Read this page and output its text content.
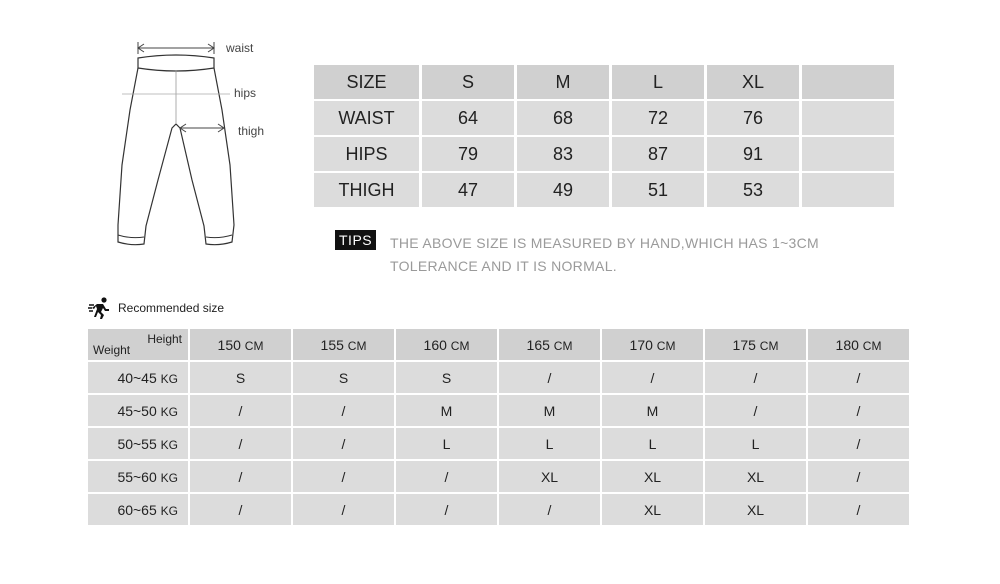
waist
hips
thigh
SIZE	S	M	L	XL	
WAIST	64	68	72	76	
HIPS	79	83	87	91	
THIGH	47	49	51	53	
TIPS THE ABOVE SIZE IS MEASURED BY HAND,WHICH HAS 1~3CM
TOLERANCE AND IT IS NORMAL.
Recommended size
Height
Weight	150 CM	155 CM	160 CM	165 CM	170 CM	175 CM	180 CM
40~45 KG	S	S	S	/	/	/	/
45~50 KG	/	/	M	M	M	/	/
50~55 KG	/	/	L	L	L	L	/
55~60 KG	/	/	/	XL	XL	XL	/
60~65 KG	/	/	/	/	XL	XL	/
